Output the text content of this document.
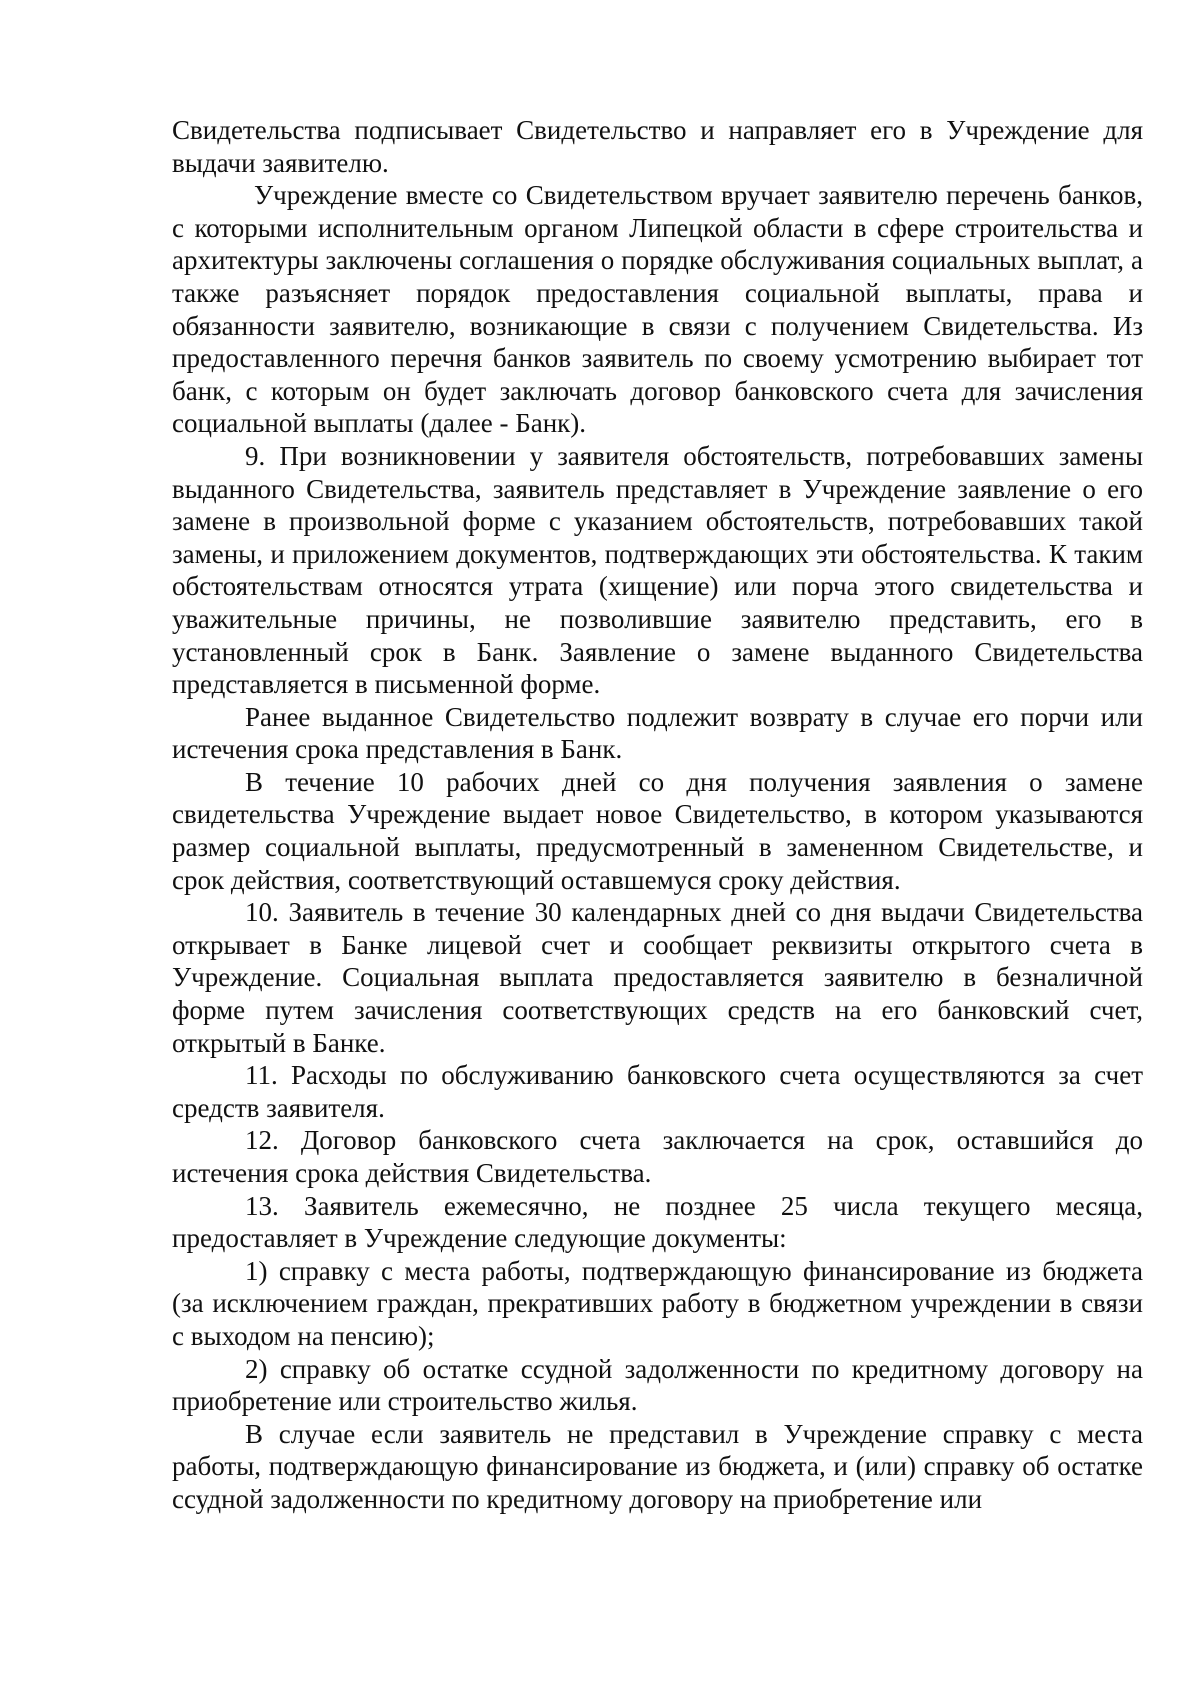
Свидетельства подписывает Свидетельство и направляет его в Учреждение для выдачи заявителю.

Учреждение вместе со Свидетельством вручает заявителю перечень банков, с которыми исполнительным органом Липецкой области в сфере строительства и архитектуры заключены соглашения о порядке обслуживания социальных выплат, а также разъясняет порядок предоставления социальной выплаты, права и обязанности заявителю, возникающие в связи с получением Свидетельства. Из предоставленного перечня банков заявитель по своему усмотрению выбирает тот банк, с которым он будет заключать договор банковского счета для зачисления социальной выплаты (далее - Банк).

9. При возникновении у заявителя обстоятельств, потребовавших замены выданного Свидетельства, заявитель представляет в Учреждение заявление о его замене в произвольной форме с указанием обстоятельств, потребовавших такой замены, и приложением документов, подтверждающих эти обстоятельства. К таким обстоятельствам относятся утрата (хищение) или порча этого свидетельства и уважительные причины, не позволившие заявителю представить, его в установленный срок в Банк. Заявление о замене выданного Свидетельства представляется в письменной форме.

Ранее выданное Свидетельство подлежит возврату в случае его порчи или истечения срока представления в Банк.

В течение 10 рабочих дней со дня получения заявления о замене свидетельства Учреждение выдает новое Свидетельство, в котором указываются размер социальной выплаты, предусмотренный в замененном Свидетельстве, и срок действия, соответствующий оставшемуся сроку действия.

10. Заявитель в течение 30 календарных дней со дня выдачи Свидетельства открывает в Банке лицевой счет и сообщает реквизиты открытого счета в Учреждение. Социальная выплата предоставляется заявителю в безналичной форме путем зачисления соответствующих средств на его банковский счет, открытый в Банке.

11. Расходы по обслуживанию банковского счета осуществляются за счет средств заявителя.

12. Договор банковского счета заключается на срок, оставшийся до истечения срока действия Свидетельства.

13. Заявитель ежемесячно, не позднее 25 числа текущего месяца, предоставляет в Учреждение следующие документы:

1) справку с места работы, подтверждающую финансирование из бюджета (за исключением граждан, прекративших работу в бюджетном учреждении в связи с выходом на пенсию);

2) справку об остатке ссудной задолженности по кредитному договору на приобретение или строительство жилья.

В случае если заявитель не представил в Учреждение справку с места работы, подтверждающую финансирование из бюджета, и (или) справку об остатке ссудной задолженности по кредитному договору на приобретение или
